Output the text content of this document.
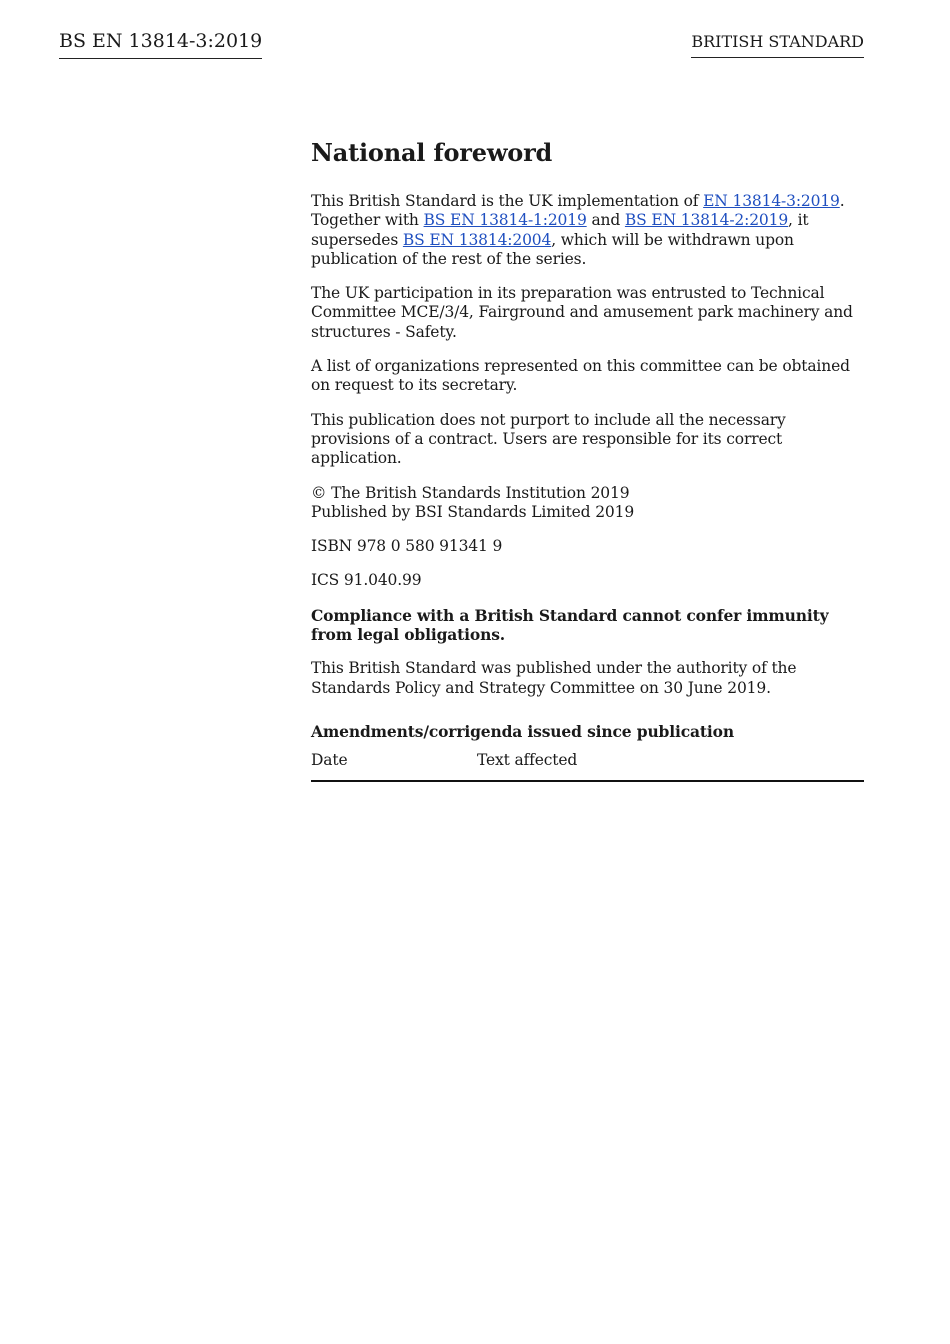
BS EN 13814-3:2019	BRITISH STANDARD
National foreword

This British Standard is the UK implementation of EN 13814-3:2019. Together with BS EN 13814-1:2019 and BS EN 13814-2:2019, it supersedes BS EN 13814:2004, which will be withdrawn upon publication of the rest of the series.

The UK participation in its preparation was entrusted to Technical Committee MCE/3/4, Fairground and amusement park machinery and structures - Safety.

A list of organizations represented on this committee can be obtained on request to its secretary.

This publication does not purport to include all the necessary provisions of a contract. Users are responsible for its correct application.

© The British Standards Institution 2019
Published by BSI Standards Limited 2019

ISBN 978 0 580 91341 9

ICS 91.040.99

Compliance with a British Standard cannot confer immunity from legal obligations.

This British Standard was published under the authority of the Standards Policy and Strategy Committee on 30 June 2019.

Amendments/corrigenda issued since publication

Date	Text affected
